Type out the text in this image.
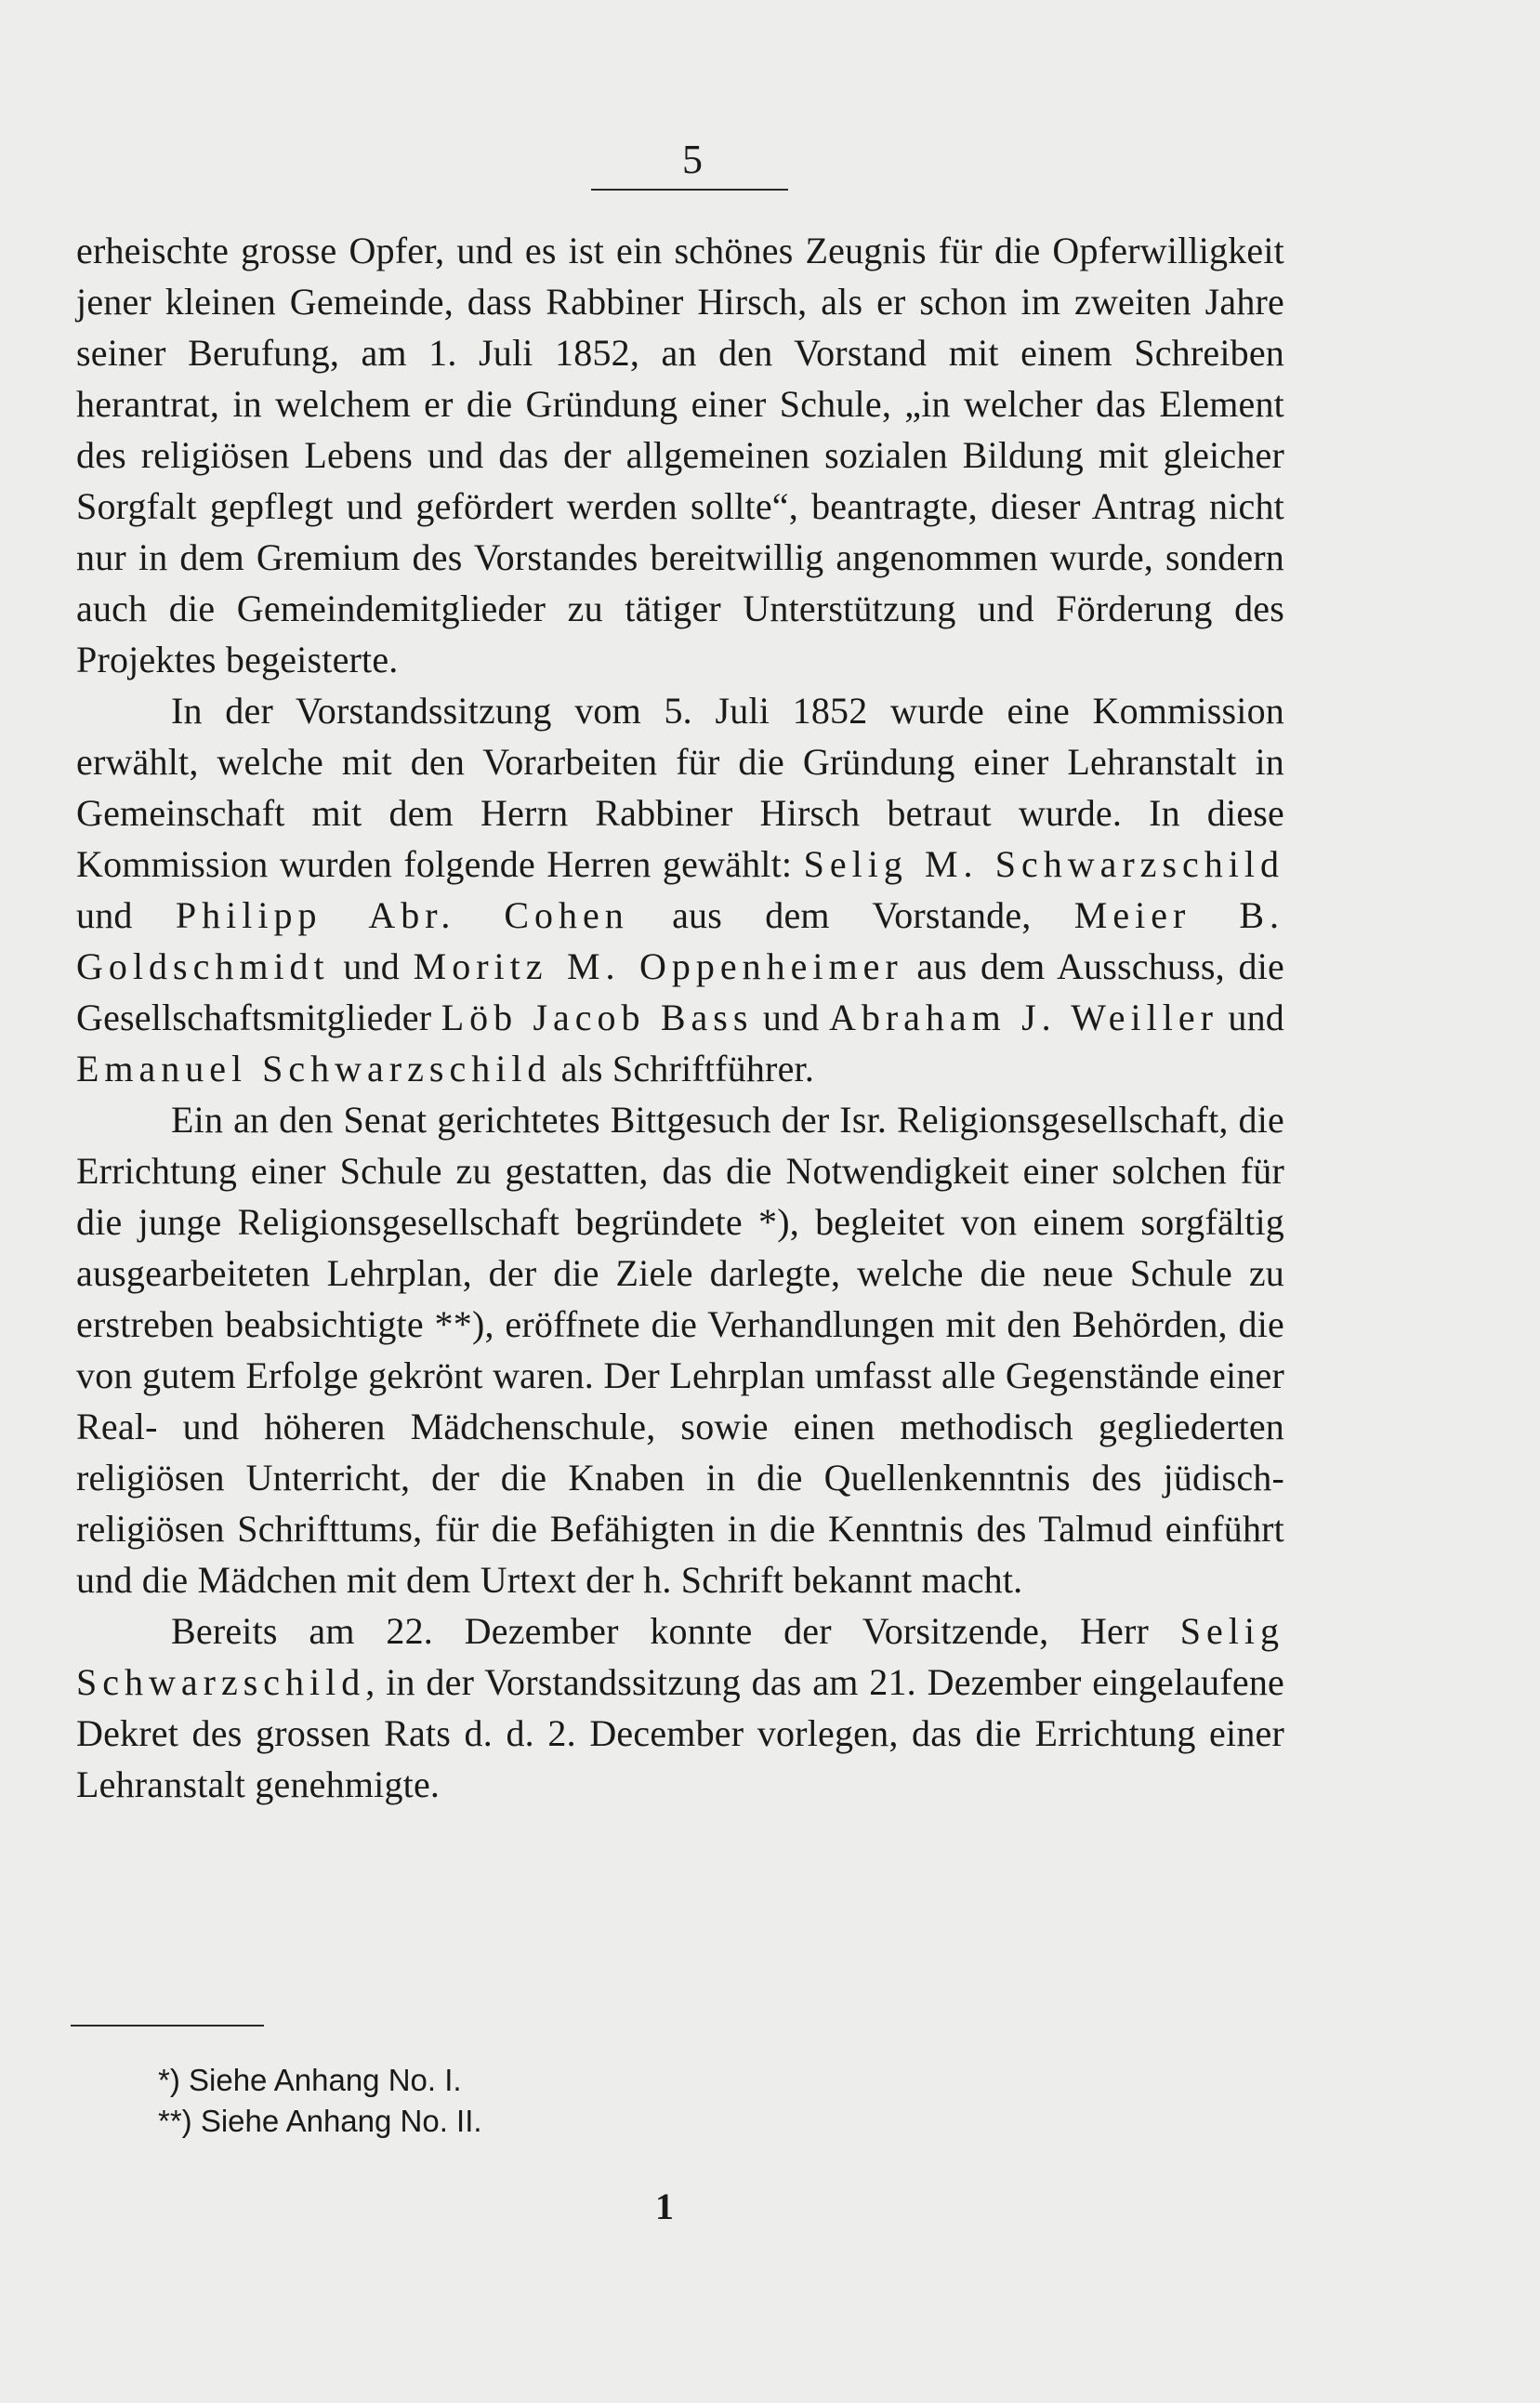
5

erheischte grosse Opfer, und es ist ein schönes Zeugnis für die Opferwilligkeit jener kleinen Gemeinde, dass Rabbiner Hirsch, als er schon im zweiten Jahre seiner Berufung, am 1. Juli 1852, an den Vorstand mit einem Schreiben herantrat, in welchem er die Gründung einer Schule, „in welcher das Element des religiösen Lebens und das der allgemeinen sozialen Bildung mit gleicher Sorgfalt gepflegt und gefördert werden sollte“, beantragte, dieser Antrag nicht nur in dem Gremium des Vorstandes bereitwillig angenommen wurde, sondern auch die Gemeindemitglieder zu tätiger Unterstützung und Förderung des Projektes begeisterte.

In der Vorstandssitzung vom 5. Juli 1852 wurde eine Kommission erwählt, welche mit den Vorarbeiten für die Gründung einer Lehranstalt in Gemeinschaft mit dem Herrn Rabbiner Hirsch betraut wurde. In diese Kommission wurden folgende Herren gewählt: Selig M. Schwarzschild und Philipp Abr. Cohen aus dem Vorstande, Meier B. Goldschmidt und Moritz M. Oppenheimer aus dem Ausschuss, die Gesellschaftsmitglieder Löb Jacob Bass und Abraham J. Weiller und Emanuel Schwarzschild als Schriftführer.

Ein an den Senat gerichtetes Bittgesuch der Isr. Religionsgesellschaft, die Errichtung einer Schule zu gestatten, das die Notwendigkeit einer solchen für die junge Religionsgesellschaft begründete *), begleitet von einem sorgfältig ausgearbeiteten Lehrplan, der die Ziele darlegte, welche die neue Schule zu erstreben beabsichtigte **), eröffnete die Verhandlungen mit den Behörden, die von gutem Erfolge gekrönt waren. Der Lehrplan umfasst alle Gegenstände einer Real- und höheren Mädchenschule, sowie einen methodisch gegliederten religiösen Unterricht, der die Knaben in die Quellenkenntnis des jüdisch-religiösen Schrifttums, für die Befähigten in die Kenntnis des Talmud einführt und die Mädchen mit dem Urtext der h. Schrift bekannt macht.

Bereits am 22. Dezember konnte der Vorsitzende, Herr Selig Schwarzschild, in der Vorstandssitzung das am 21. Dezember eingelaufene Dekret des grossen Rats d. d. 2. December vorlegen, das die Errichtung einer Lehranstalt genehmigte.

*) Siehe Anhang No. I.
**) Siehe Anhang No. II.
1
